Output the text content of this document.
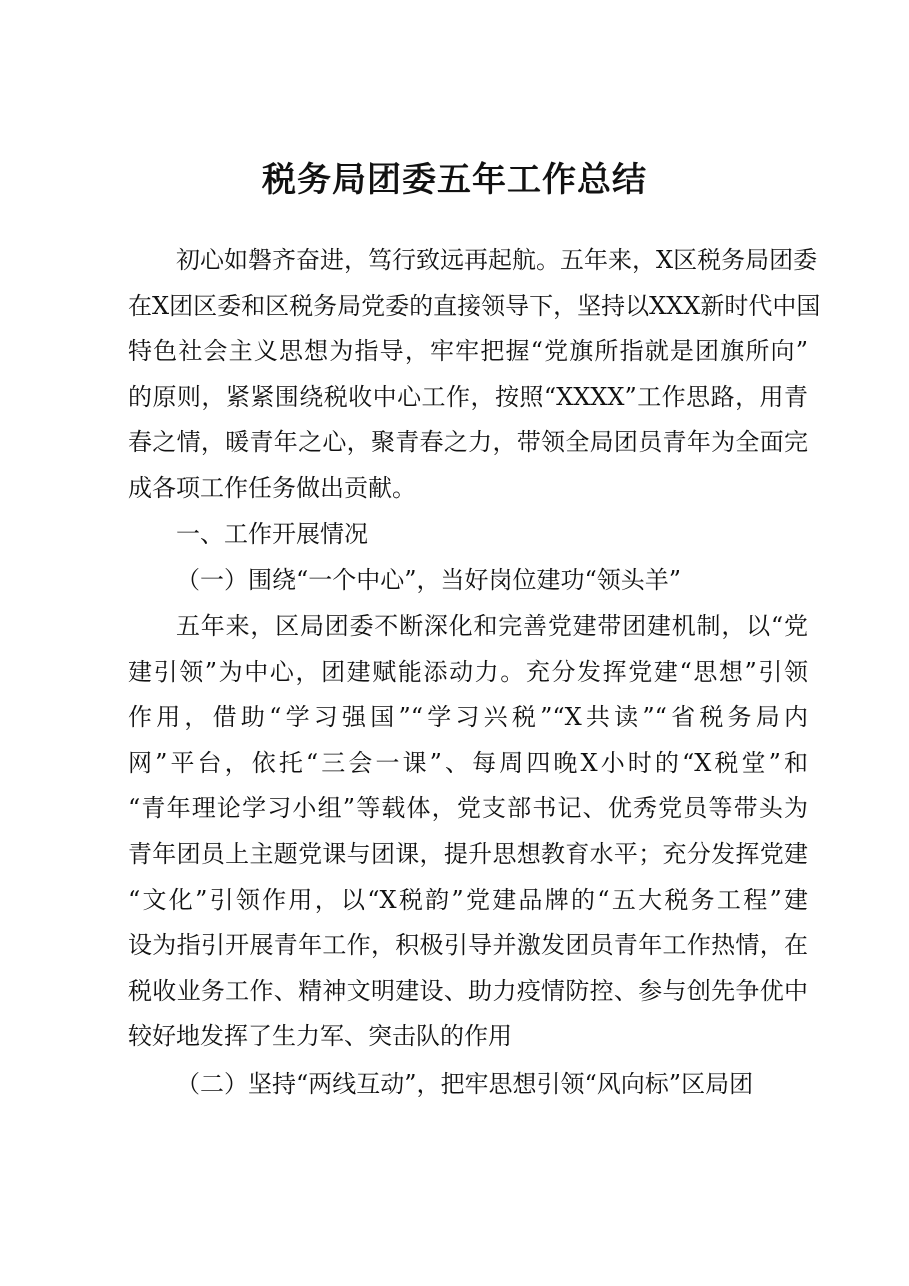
税务局团委五年工作总结
初心如磐齐奋进，笃行致远再起航。五年来，X区税务局团委
在X团区委和区税务局党委的直接领导下，坚持以XXX新时代中国
特色社会主义思想为指导，牢牢把握“党旗所指就是团旗所向”
的原则，紧紧围绕税收中心工作，按照“XXXX”工作思路，用青
春之情，暖青年之心，聚青春之力，带领全局团员青年为全面完
成各项工作任务做出贡献。
一、工作开展情况
（一）围绕“一个中心”，当好岗位建功“领头羊”
五年来，区局团委不断深化和完善党建带团建机制，以“党
建引领”为中心，团建赋能添动力。充分发挥党建“思想”引领
作用，借助“学习强国”“学习兴税”“X共读”“省税务局内
网”平台，依托“三会一课”、每周四晚X小时的“X税堂”和
“青年理论学习小组”等载体，党支部书记、优秀党员等带头为
青年团员上主题党课与团课，提升思想教育水平；充分发挥党建
“文化”引领作用，以“X税韵”党建品牌的“五大税务工程”建
设为指引开展青年工作，积极引导并激发团员青年工作热情，在
税收业务工作、精神文明建设、助力疫情防控、参与创先争优中
较好地发挥了生力军、突击队的作用
（二）坚持“两线互动”，把牢思想引领“风向标”区局团
